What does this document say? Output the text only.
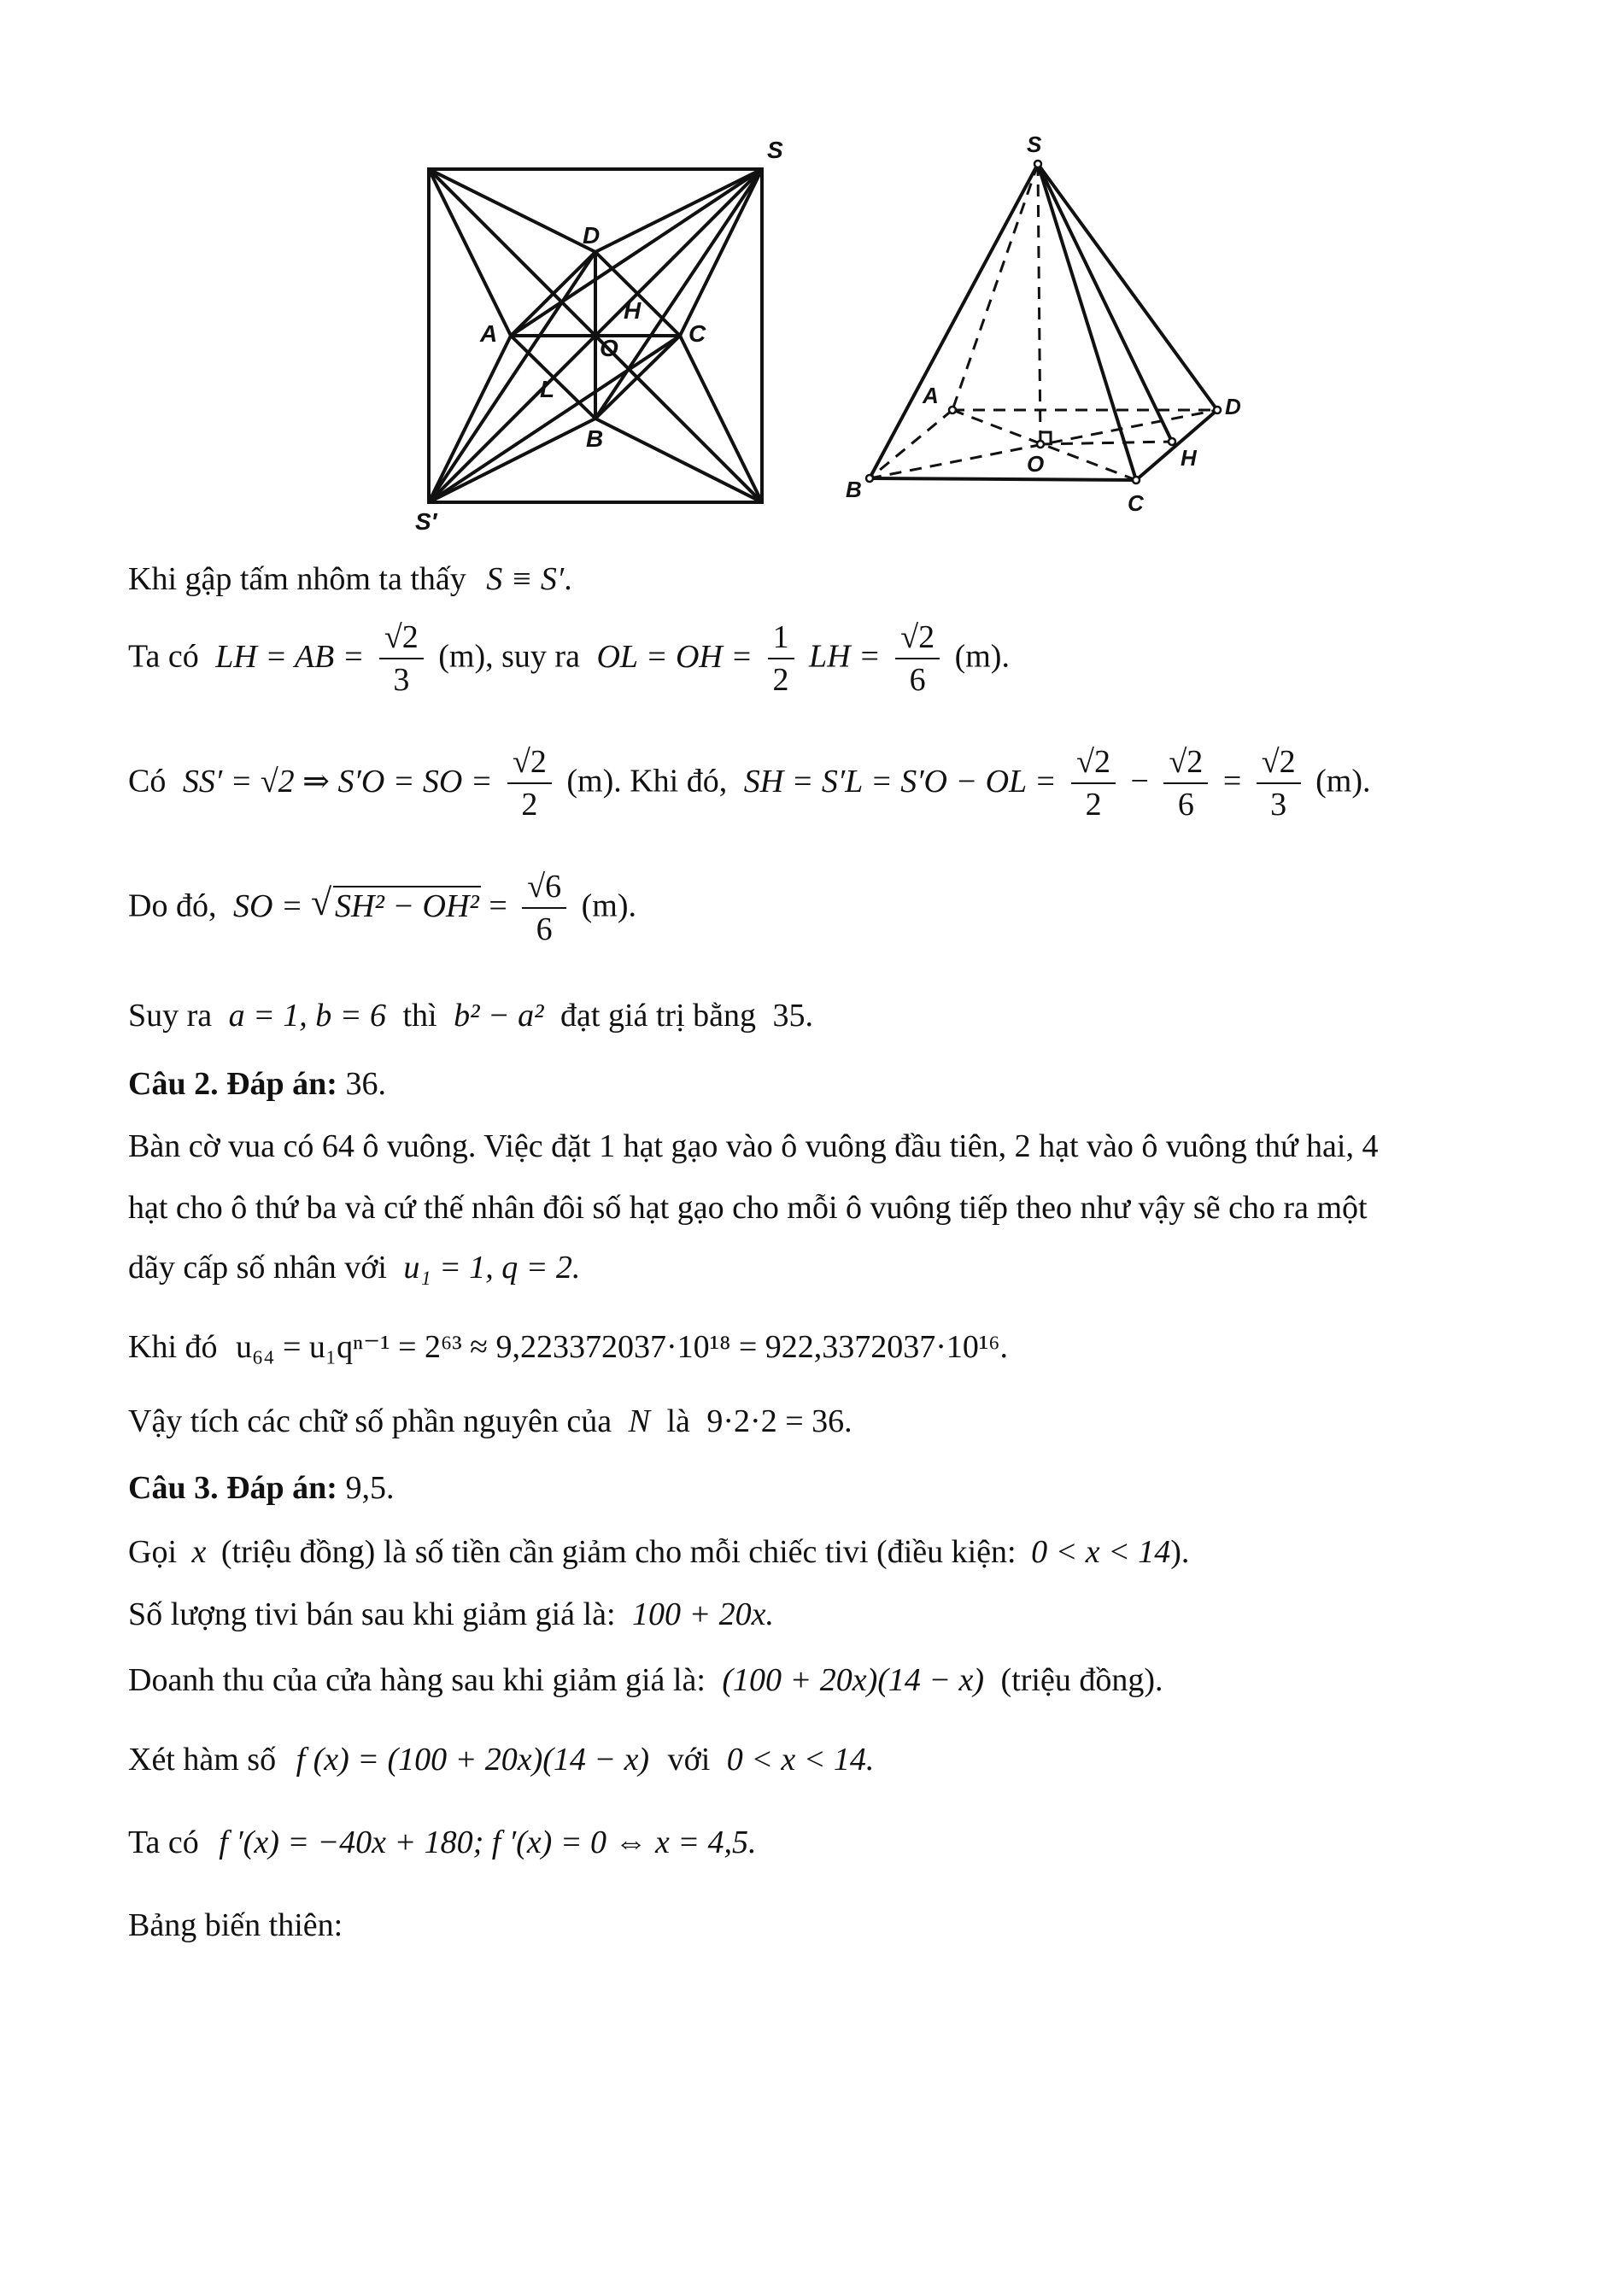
S
S′
D
A
H
C
O
L
B
S
A	D
B
O	H
C
Khi gập tấm nhôm ta thấy S ≡ S′.
Ta có LH = AB = $\frac{√2}{3} (m)$, suy ra OL = OH = $\frac{1}{2}$ LH = $\frac{√2}{6} (m)$.
Có SS′ = √2 ⇒ S′O = SO = $\frac{√2}{2} (m)$. Khi đó, SH = S′L = S′O − OL = $\frac{√2}{2} - \frac{√2}{6} = \frac{√2}{3} (m)$.
Do đó, SO = √ $SH^2 - OH^2 = \frac{√6}{6} (m)$.
Suy ra a = 1, b = 6 thì b² − a² đạt giá trị bằng 35.
Câu 2. Đáp án: 36.
Bàn cờ vua có 64 ô vuông. Việc đặt 1 hạt gạo vào ô vuông đầu tiên, 2 hạt vào ô vuông thứ hai, 4
hạt cho ô thứ ba và cứ thế nhân đôi số hạt gạo cho mỗi ô vuông tiếp theo như vậy sẽ cho ra một
dãy cấp số nhân với u₁ = 1, q = 2.
Khi đó u₆₄ = u₁qⁿ⁻¹ = 2⁶³ ≈ 9,223372037·10¹⁸ = 922,3372037·10¹⁶.
Vậy tích các chữ số phần nguyên của N là 9·2·2 = 36.
Câu 3. Đáp án: 9,5.
Gọi x (triệu đồng) là số tiền cần giảm cho mỗi chiếc tivi (điều kiện: 0 < x < 14).
Số lượng tivi bán sau khi giảm giá là: 100 + 20x.
Doanh thu của cửa hàng sau khi giảm giá là: (100 + 20x)(14 − x) (triệu đồng).
Xét hàm số f (x) = (100 + 20x)(14 − x) với 0 < x < 14.
Ta có f ′(x) = −40x + 180; f ′(x) = 0 ⇔ x = 4,5.
Bảng biến thiên:
